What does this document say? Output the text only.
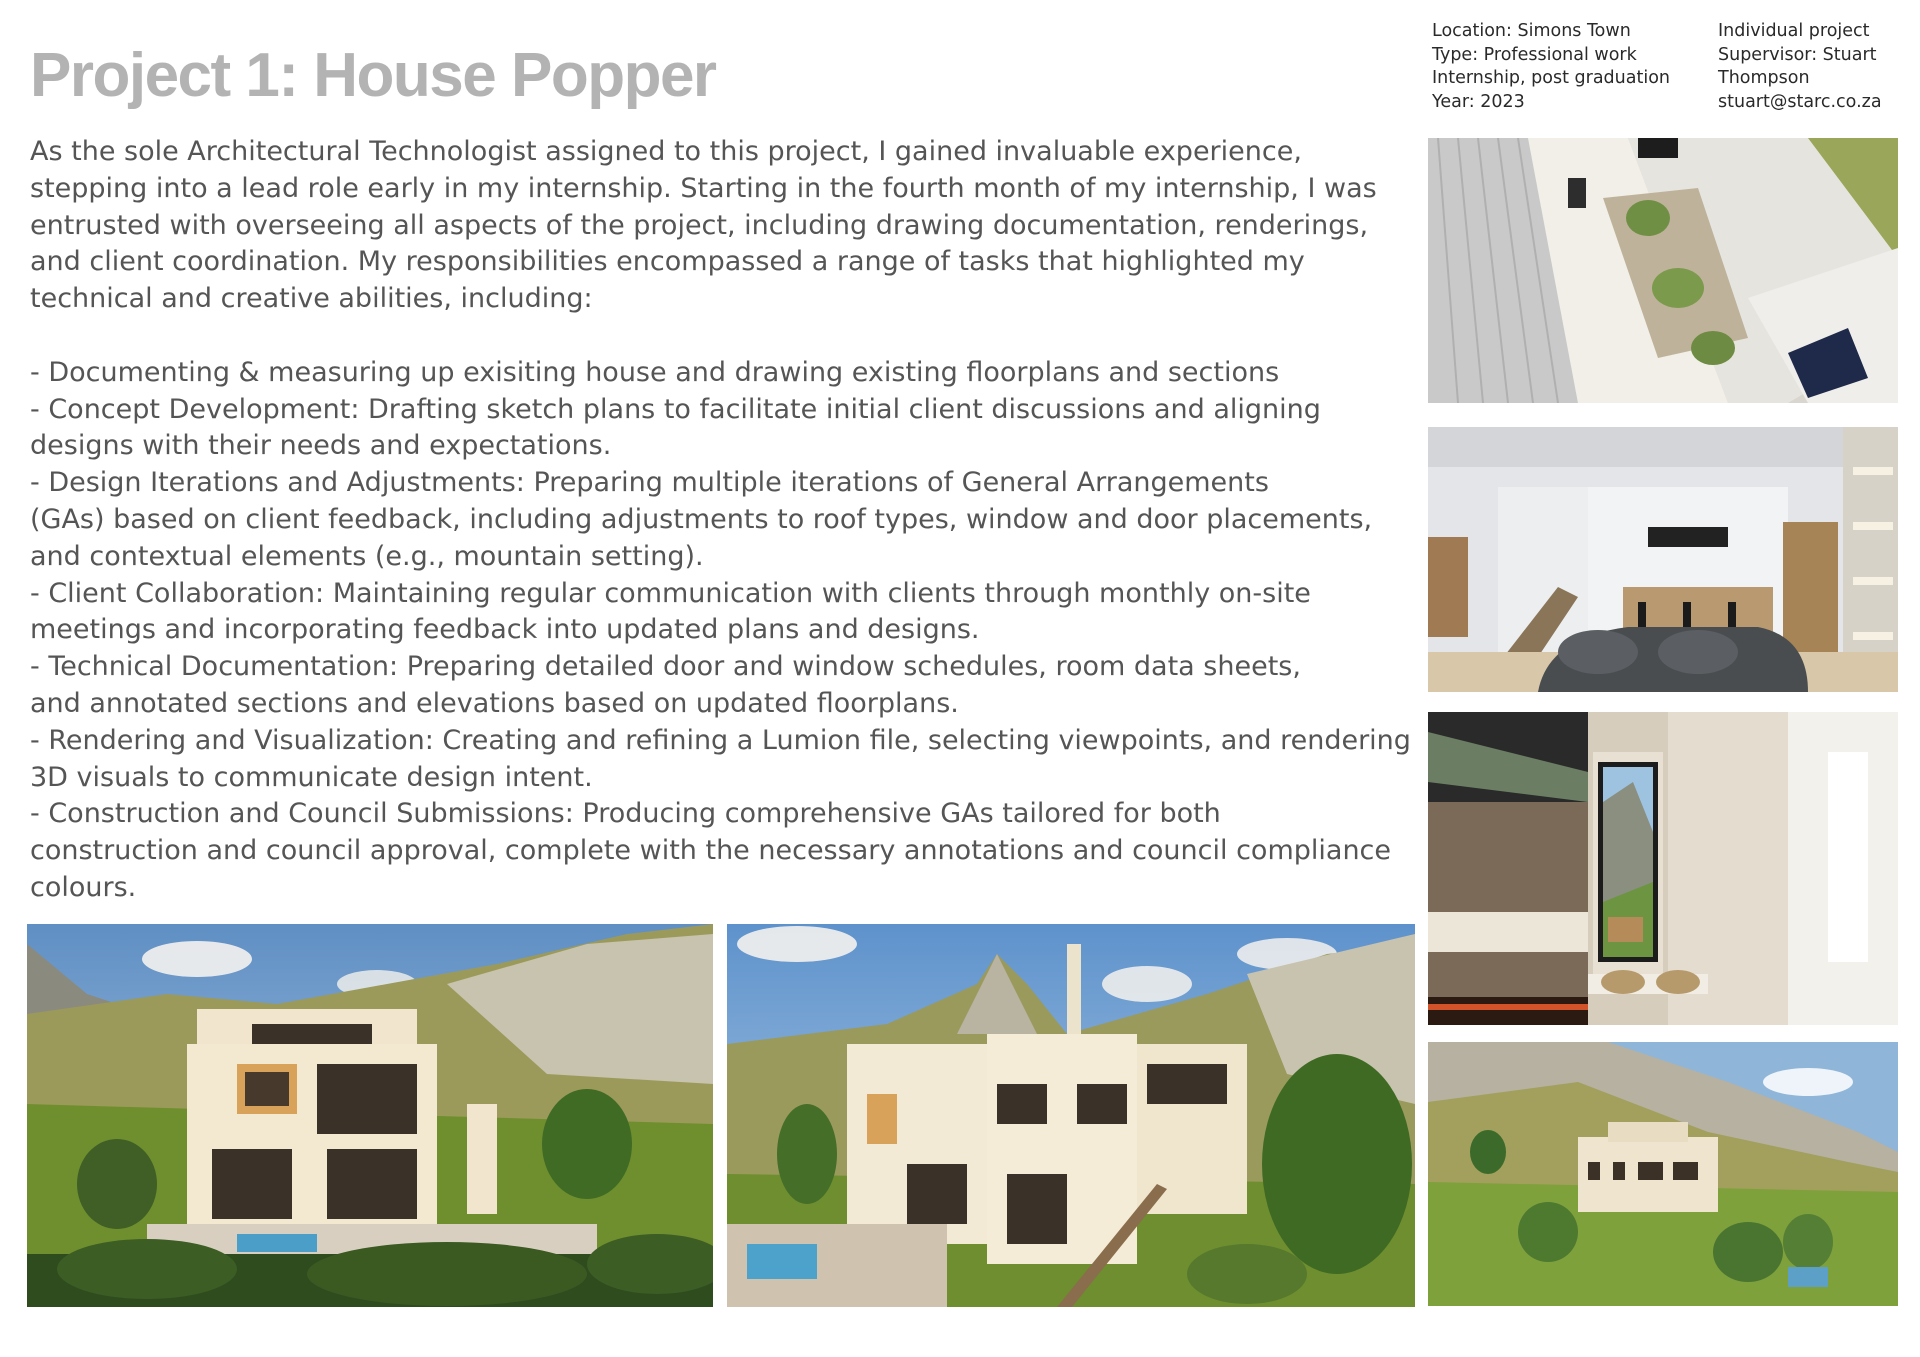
Project 1: House Popper
Location: Simons Town
Type: Professional work
Internship, post graduation
Year: 2023
Individual project
Supervisor: Stuart
Thompson
stuart@starc.co.za
As the sole Architectural Technologist assigned to this project, I gained invaluable experience,
stepping into a lead role early in my internship. Starting in the fourth month of my internship, I was
entrusted with overseeing all aspects of the project, including drawing documentation, renderings,
and client coordination. My responsibilities encompassed a range of tasks that highlighted my
technical and creative abilities, including:
- Documenting & measuring up exisiting house and drawing existing floorplans and sections
- Concept Development: Drafting sketch plans to facilitate initial client discussions and aligning
designs with their needs and expectations.
- Design Iterations and Adjustments: Preparing multiple iterations of General Arrangements
(GAs) based on client feedback, including adjustments to roof types, window and door placements,
and contextual elements (e.g., mountain setting).
- Client Collaboration: Maintaining regular communication with clients through monthly on-site
meetings and incorporating feedback into updated plans and designs.
- Technical Documentation: Preparing detailed door and window schedules, room data sheets,
and annotated sections and elevations based on updated floorplans.
- Rendering and Visualization: Creating and refining a Lumion file, selecting viewpoints, and rendering
3D visuals to communicate design intent.
- Construction and Council Submissions: Producing comprehensive GAs tailored for both
construction and council approval, complete with the necessary annotations and council compliance
colours.
